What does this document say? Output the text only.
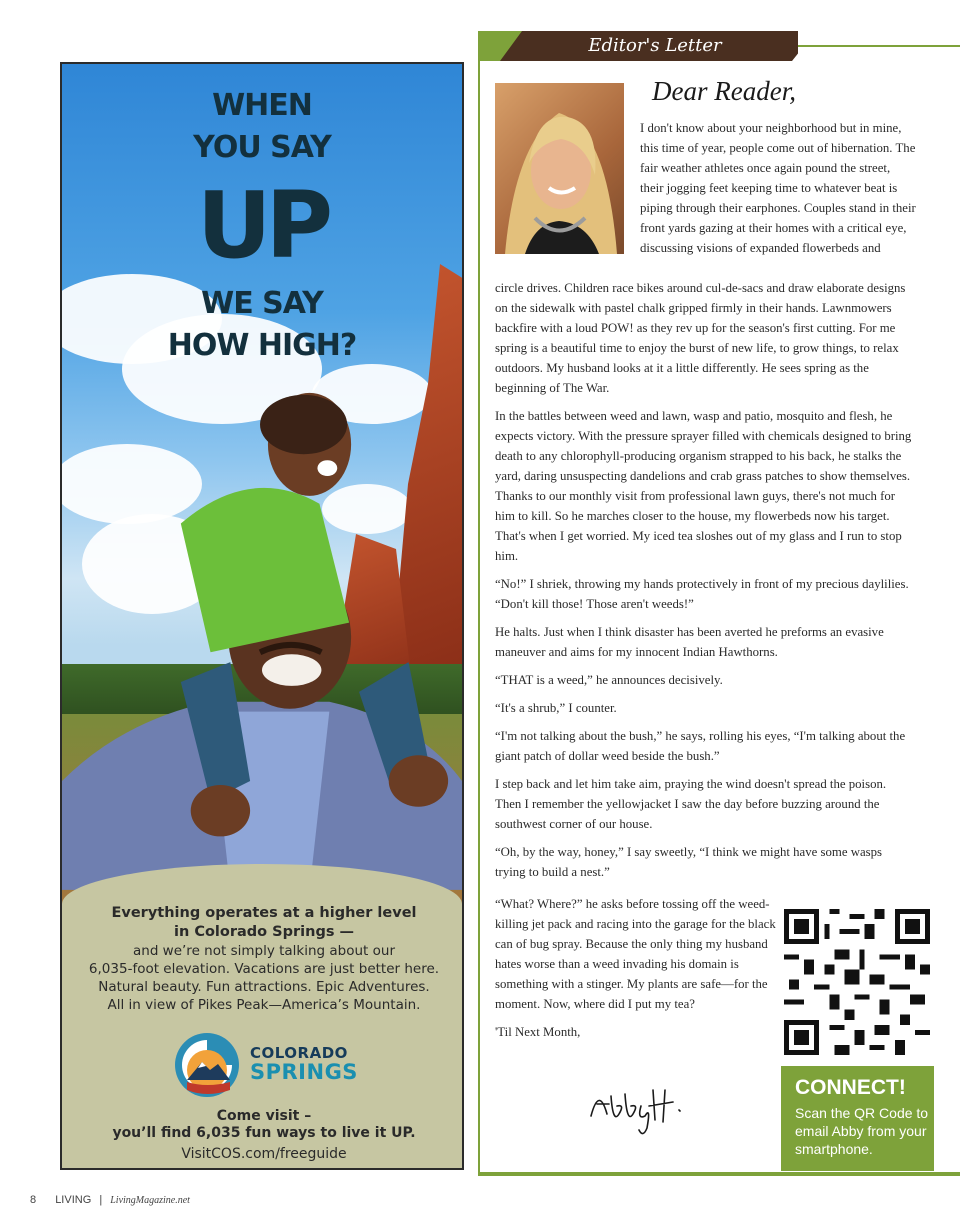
WHEN
YOU SAY
UP
WE SAY
HOW HIGH?
Everything operates at a higher level
in Colorado Springs —
and we’re not simply talking about our
6,035-foot elevation. Vacations are just better here.
Natural beauty. Fun attractions. Epic Adventures.
All in view of Pikes Peak—America’s Mountain.
COLORADO
SPRINGS
Come visit –
you’ll find 6,035 fun ways to live it UP.
VisitCOS.com/freeguide
Editor's Letter
Dear Reader,

I don't know about your neighborhood but in mine, this time of year, people come out of hibernation. The fair weather athletes once again pound the street, their jogging feet keeping time to whatever beat is piping through their earphones. Couples stand in their front yards gazing at their homes with a critical eye, discussing visions of expanded flowerbeds and

circle drives. Children race bikes around cul-de-sacs and draw elaborate designs on the sidewalk with pastel chalk gripped firmly in their hands. Lawnmowers backfire with a loud POW! as they rev up for the season's first cutting. For me spring is a beautiful time to enjoy the burst of new life, to grow things, to relax outdoors. My husband looks at it a little differently. He sees spring as the beginning of The War.

In the battles between weed and lawn, wasp and patio, mosquito and flesh, he expects victory. With the pressure sprayer filled with chemicals designed to bring death to any chlorophyll-producing organism strapped to his back, he stalks the yard, daring unsuspecting dandelions and crab grass patches to show themselves. Thanks to our monthly visit from professional lawn guys, there's not much for him to kill. So he marches closer to the house, my flowerbeds now his target. That's when I get worried. My iced tea sloshes out of my glass and I run to stop him.

“No!” I shriek, throwing my hands protectively in front of my precious daylilies. “Don't kill those! Those aren't weeds!”

He halts. Just when I think disaster has been averted he preforms an evasive maneuver and aims for my innocent Indian Hawthorns.

“THAT is a weed,” he announces decisively.

“It's a shrub,” I counter.

“I'm not talking about the bush,” he says, rolling his eyes, “I'm talking about the giant patch of dollar weed beside the bush.”

I step back and let him take aim, praying the wind doesn't spread the poison. Then I remember the yellowjacket I saw the day before buzzing around the southwest corner of our house.

“Oh, by the way, honey,” I say sweetly, “I think we might have some wasps trying to build a nest.”

“What? Where?” he asks before tossing off the weed-killing jet pack and racing into the garage for the black can of bug spray. Because the only thing my husband hates worse than a weed invading his domain is something with a stinger. My plants are safe—for the moment. Now, where did I put my tea?

'Til Next Month,

CONNECT!
Scan the QR Code to email Abby from your smartphone.
8 LIVING | LivingMagazine.net
